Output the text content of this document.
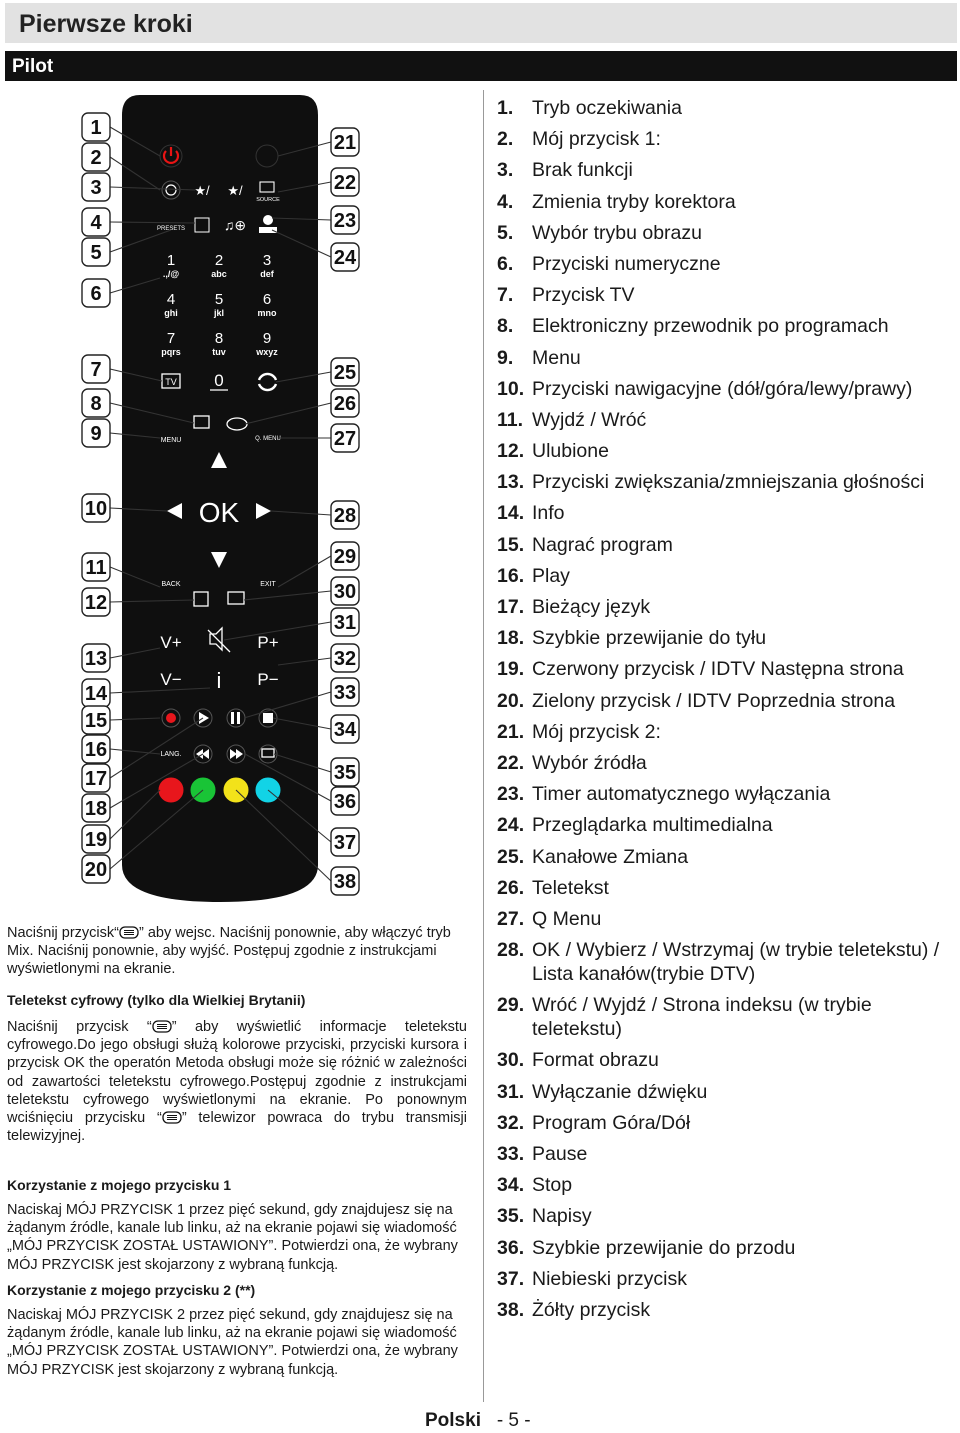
Pierwsze kroki
Pilot
★/ ★/
SOURCE
PRESETS	♫⊕
1
.,/@
2
abc
3
def
4
ghi
5
jkl
6
mno
7
pqrs
8
tuv
9
wxyz
TV 0
MENU	Q. MENU
OK
BACK	EXIT
V+
V−
P+
P−
i
LANG.
1
2
3
4
5
6
7
8
9
10
11
12
13
14
15
16
17
18
19
20
21
22
23
24
25
26
27
28
29
30
31
32
33
34
35
36
37
38
1. Tryb oczekiwania
2. Mój przycisk 1:
3. Brak funkcji
4. Zmienia tryby korektora
5. Wybór trybu obrazu
6. Przyciski numeryczne
7. Przycisk TV
8. Elektroniczny przewodnik po programach
9. Menu
10. Przyciski nawigacyjne (dół/góra/lewy/prawy)
11. Wyjdź / Wróć
12. Ulubione
13. Przyciski zwiększania/zmniejszania głośności
14. Info
15. Nagrać program
16. Play
17. Bieżący język
18. Szybkie przewijanie do tyłu
19. Czerwony przycisk / IDTV Następna strona
20. Zielony przycisk / IDTV Poprzednia strona
21. Mój przycisk 2:
22. Wybór źródła
23. Timer automatycznego wyłączania
24. Przeglądarka multimedialna
25. Kanałowe Zmiana
26. Teletekst
27. Q Menu
28. OK / Wybierz / Wstrzymaj (w trybie teletekstu) / Lista kanałów(trybie DTV)
29. Wróć / Wyjdź / Strona indeksu (w trybie teletekstu)
30. Format obrazu
31. Wyłączanie dźwięku
32. Program Góra/Dół
33. Pause
34. Stop
35. Napisy
36. Szybkie przewijanie do przodu
37. Niebieski przycisk
38. Żółty przycisk
Naciśnij przycisk“ ” aby wejsc. Naciśnij ponownie, aby włączyć tryb Mix. Naciśnij ponownie, aby wyjść. Postępuj zgodnie z instrukcjami wyświetlonymi na ekranie.
Teletekst cyfrowy (tylko dla Wielkiej Brytanii)
Naciśnij przycisk “ ” aby wyświetlić informacje teletekstu cyfrowego.Do jego obsługi służą kolorowe przyciski, przyciski kursora i przycisk OK the operatón Metoda obsługi może się różnić w zależności od zawartości teletekstu cyfrowego.Postępuj zgodnie z instrukcjami teletekstu cyfrowego wyświetlonymi na ekranie. Po ponownym wciśnięciu przycisku “ ” telewizor powraca do trybu transmisji telewizyjnej.
Korzystanie z mojego przycisku 1
Naciskaj MÓJ PRZYCISK 1 przez pięć sekund, gdy znajdujesz się na żądanym źródle, kanale lub linku, aż na ekranie pojawi się wiadomość „MÓJ PRZYCISK ZOSTAŁ USTAWIONY”. Potwierdzi ona, że wybrany MÓJ PRZYCISK jest skojarzony z wybraną funkcją.
Korzystanie z mojego przycisku 2 (**)
Naciskaj MÓJ PRZYCISK 2 przez pięć sekund, gdy znajdujesz się na żądanym źródle, kanale lub linku, aż na ekranie pojawi się wiadomość „MÓJ PRZYCISK ZOSTAŁ USTAWIONY”. Potwierdzi ona, że wybrany MÓJ PRZYCISK jest skojarzony z wybraną funkcją.
Polski - 5 -
